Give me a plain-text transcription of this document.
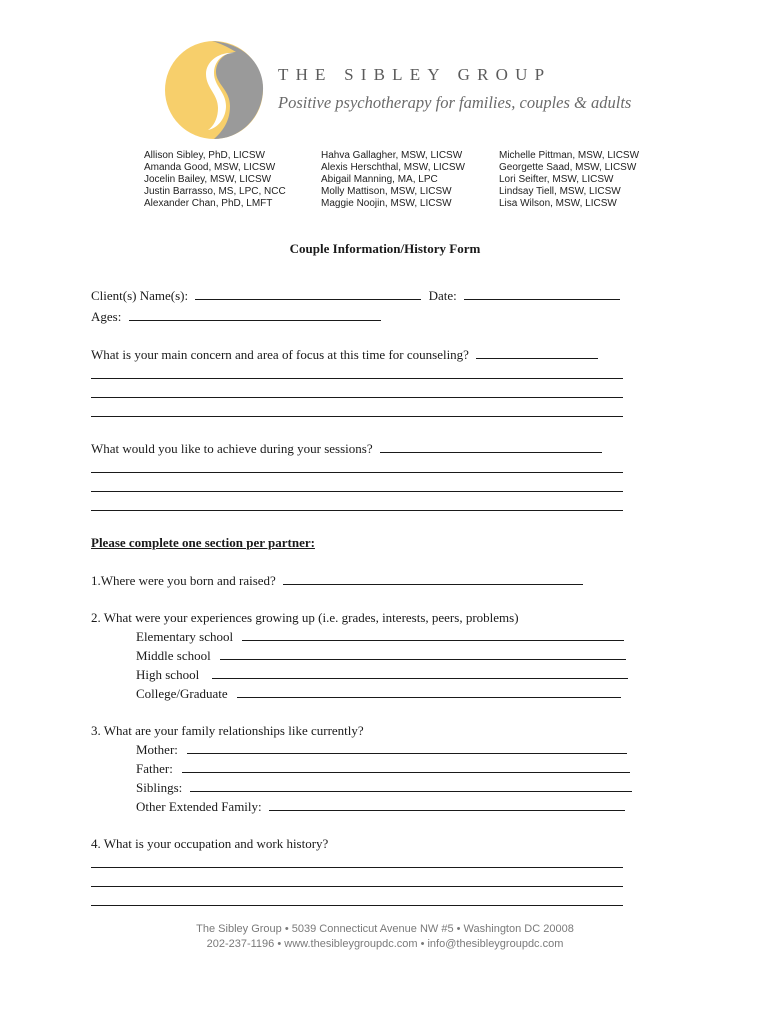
THE SIBLEY GROUP
Positive psychotherapy for families, couples & adults
Allison Sibley, PhD, LICSW
Amanda Good, MSW, LICSW
Jocelin Bailey, MSW, LICSW
Justin Barrasso, MS, LPC, NCC
Alexander Chan, PhD, LMFT
Hahva Gallagher, MSW, LICSW
Alexis Herschthal, MSW, LICSW
Abigail Manning, MA, LPC
Molly Mattison, MSW, LICSW
Maggie Noojin, MSW, LICSW
Michelle Pittman, MSW, LICSW
Georgette Saad, MSW, LICSW
Lori Seifter, MSW, LICSW
Lindsay Tiell, MSW, LICSW
Lisa Wilson, MSW, LICSW
Couple Information/History Form
Client(s) Name(s):	Date:
Ages:
What is your main concern and area of focus at this time for counseling?
What would you like to achieve during your sessions?
Please complete one section per partner:
1.Where were you born and raised?
2. What were your experiences growing up (i.e. grades, interests, peers, problems)
Elementary school
Middle school
High school
College/Graduate
3. What are your family relationships like currently?
Mother:
Father:
Siblings:
Other Extended Family:
4. What is your occupation and work history?
The Sibley Group • 5039 Connecticut Avenue NW #5 • Washington DC 20008
202-237-1196 • www.thesibleygroupdc.com • info@thesibleygroupdc.com
